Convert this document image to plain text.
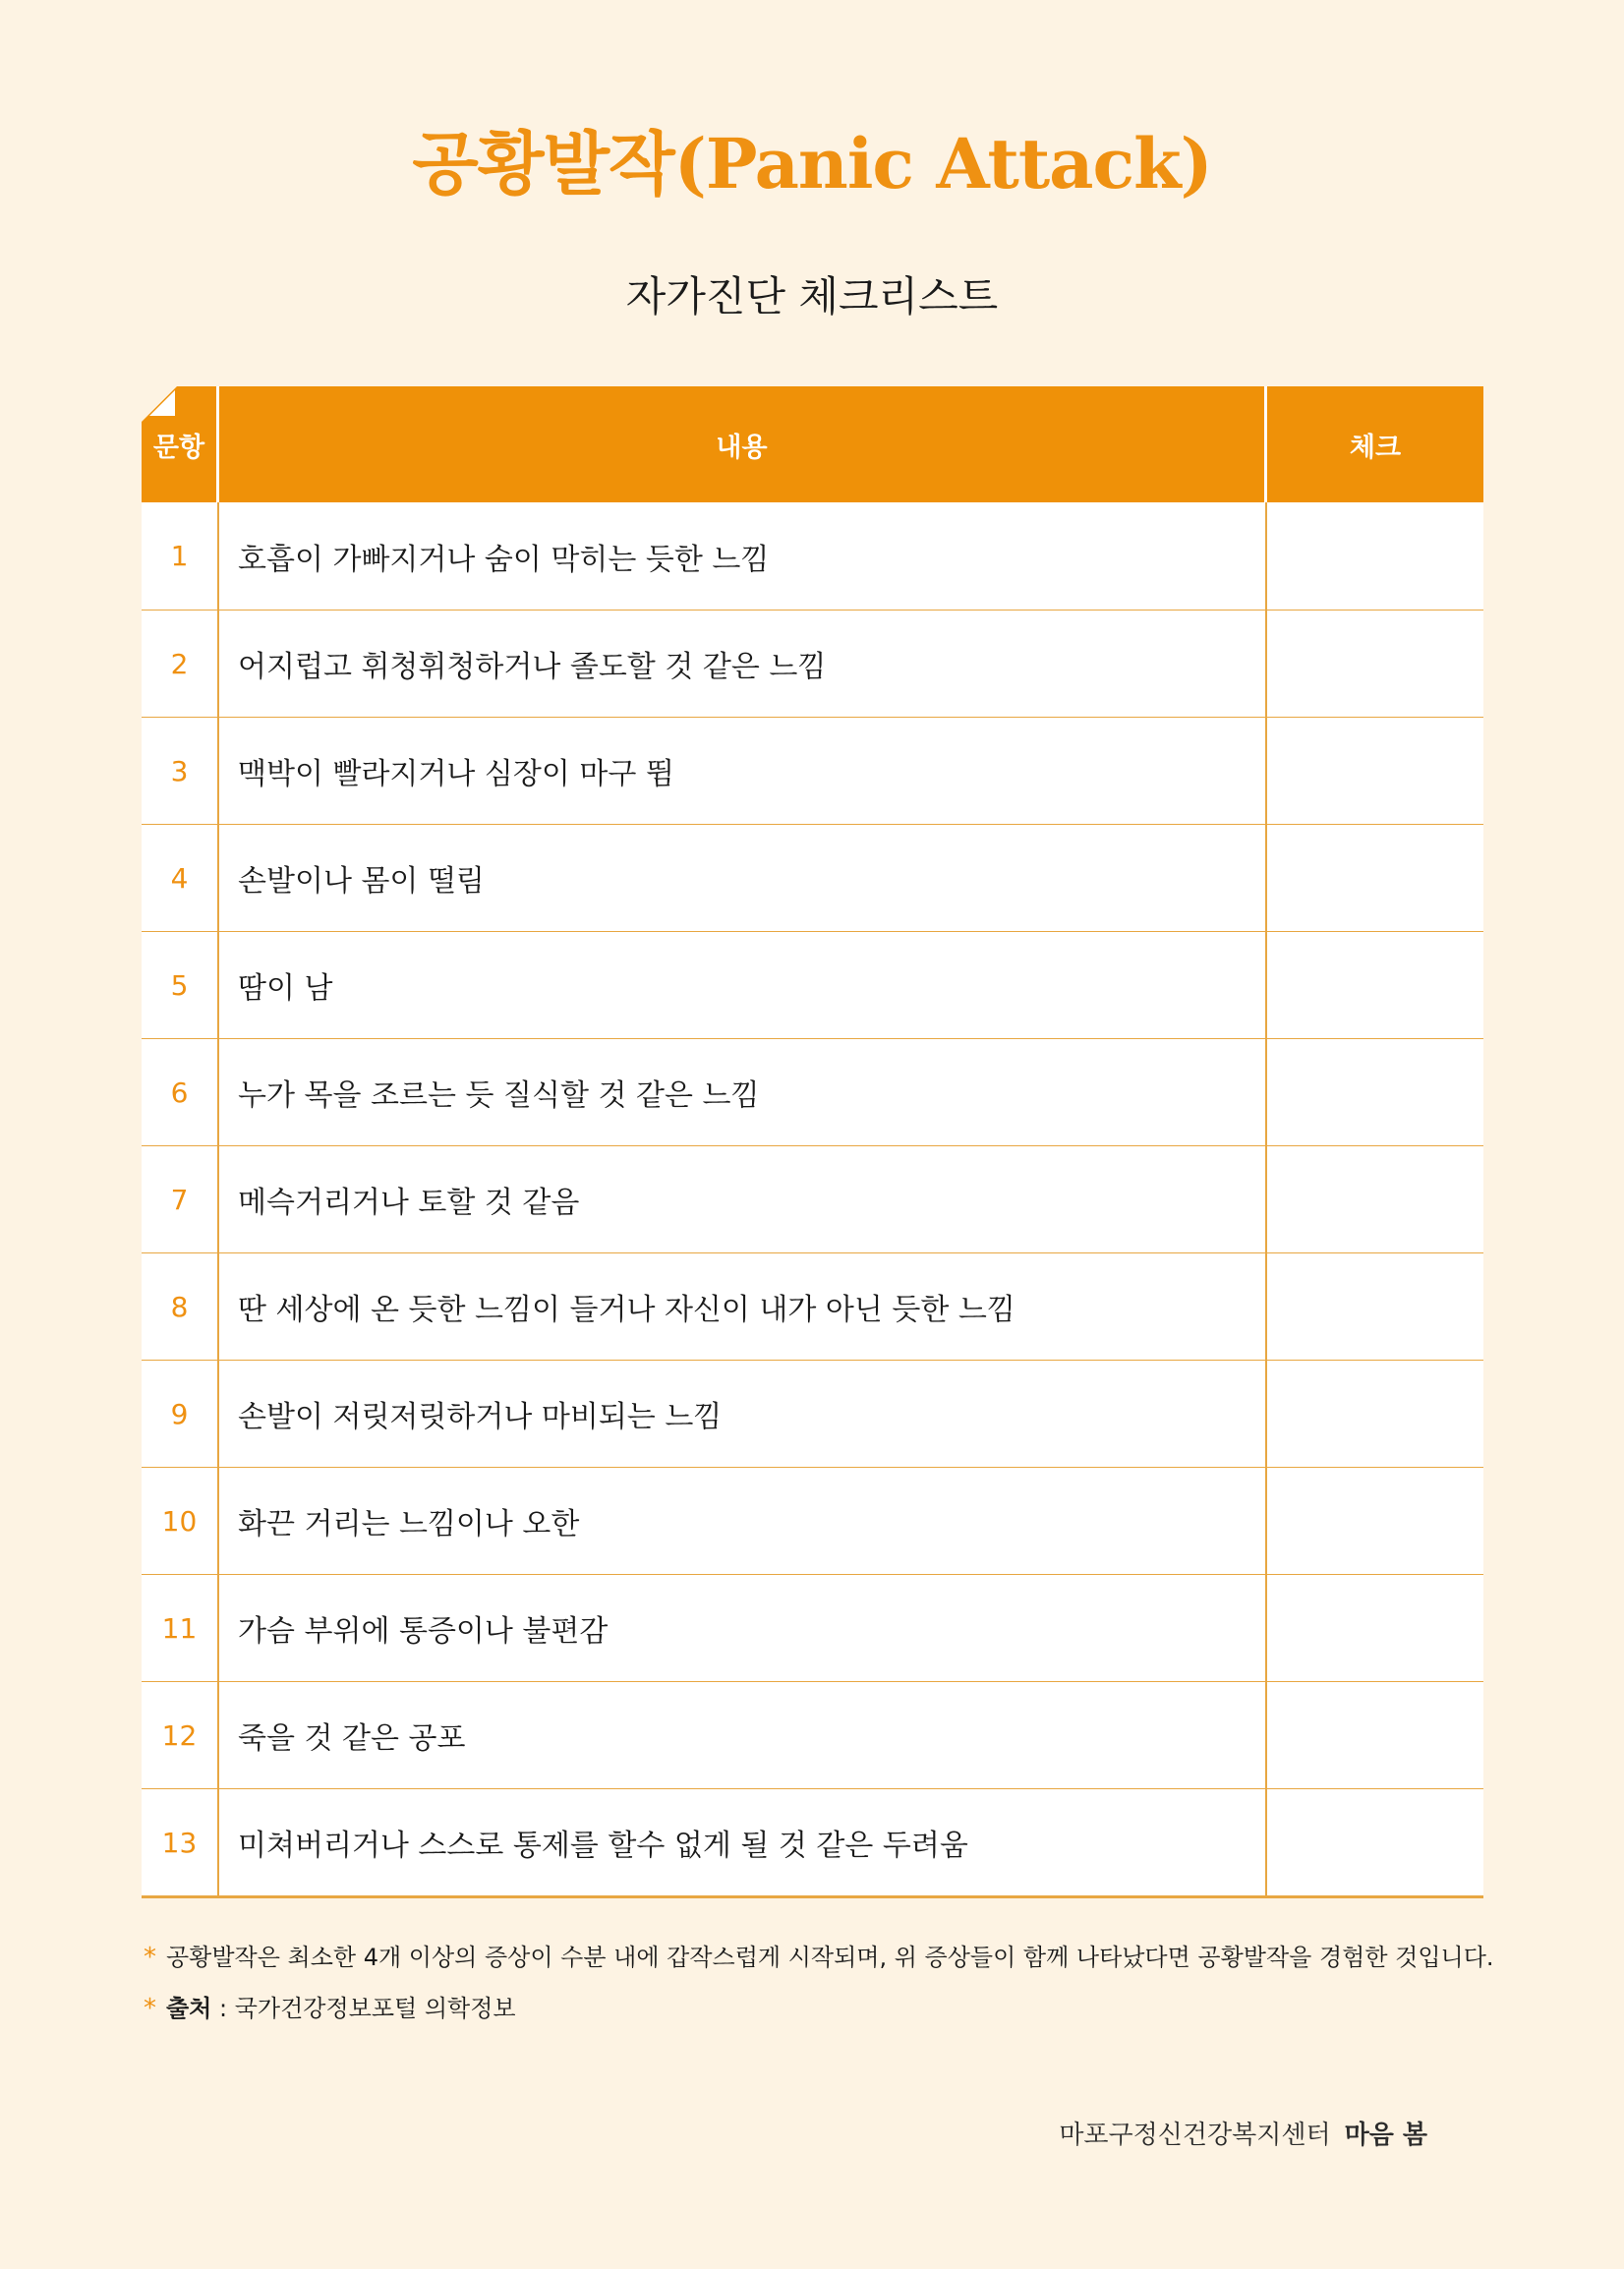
공황발작(Panic Attack)
자가진단 체크리스트
문항	내용	체크
1	호흡이 가빠지거나 숨이 막히는 듯한 느낌
2	어지럽고 휘청휘청하거나 졸도할 것 같은 느낌
3	맥박이 빨라지거나 심장이 마구 뜀
4	손발이나 몸이 떨림
5	땀이 남
6	누가 목을 조르는 듯 질식할 것 같은 느낌
7	메슥거리거나 토할 것 같음
8	딴 세상에 온 듯한 느낌이 들거나 자신이 내가 아닌 듯한 느낌
9	손발이 저릿저릿하거나 마비되는 느낌
10	화끈 거리는 느낌이나 오한
11	가슴 부위에 통증이나 불편감
12	죽을 것 같은 공포
13	미쳐버리거나 스스로 통제를 할수 없게 될 것 같은 두려움
* 공황발작은 최소한 4개 이상의 증상이 수분 내에 갑작스럽게 시작되며, 위 증상들이 함께 나타났다면 공황발작을 경험한 것입니다.
* 출처 : 국가건강정보포털 의학정보
마포구정신건강복지센터 마음 봄
